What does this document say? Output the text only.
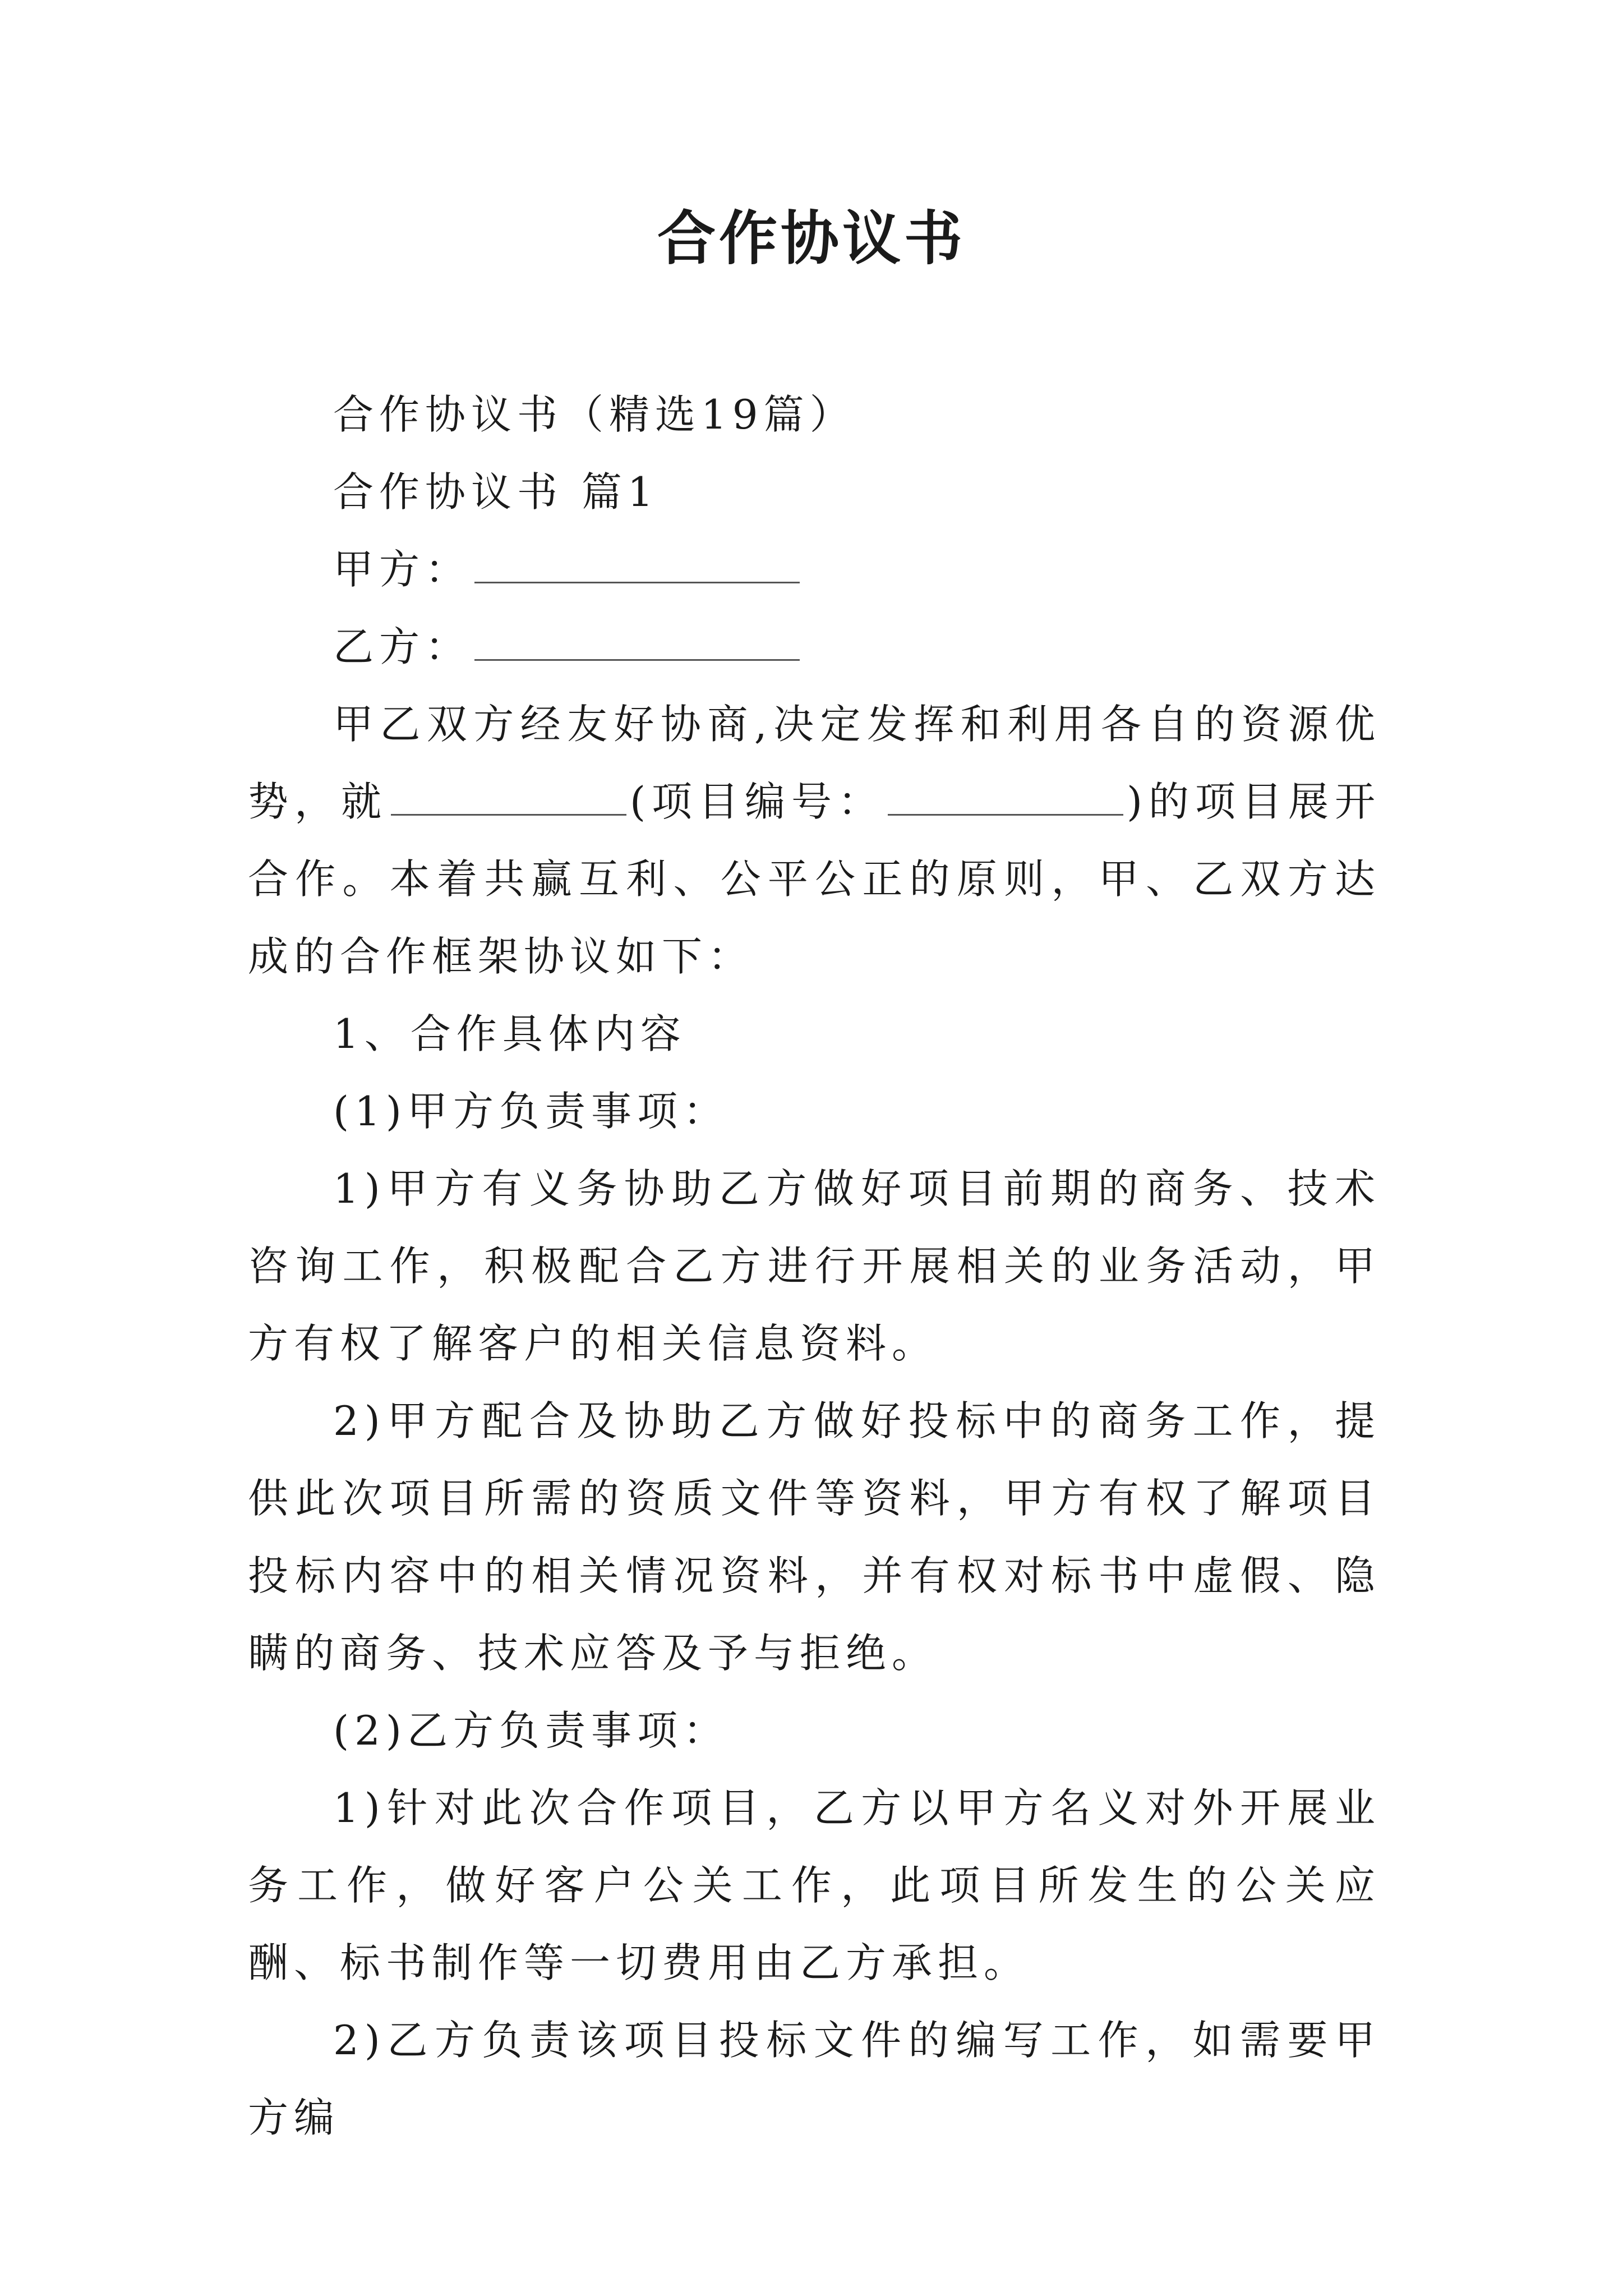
合作协议书

合作协议书（精选19篇）

合作协议书 篇1

甲方：

乙方：

甲乙双方经友好协商,决定发挥和利用各自的资源优势，就	(项目编号：	)的项目展开合作。本着共赢互利、公平公正的原则，甲、乙双方达成的合作框架协议如下：

1、合作具体内容

(1)甲方负责事项：

1)甲方有义务协助乙方做好项目前期的商务、技术咨询工作，积极配合乙方进行开展相关的业务活动，甲方有权了解客户的相关信息资料。

2)甲方配合及协助乙方做好投标中的商务工作，提供此次项目所需的资质文件等资料，甲方有权了解项目投标内容中的相关情况资料，并有权对标书中虚假、隐瞒的商务、技术应答及予与拒绝。

(2)乙方负责事项：

1)针对此次合作项目，乙方以甲方名义对外开展业务工作，做好客户公关工作，此项目所发生的公关应酬、标书制作等一切费用由乙方承担。

2)乙方负责该项目投标文件的编写工作，如需要甲方编
